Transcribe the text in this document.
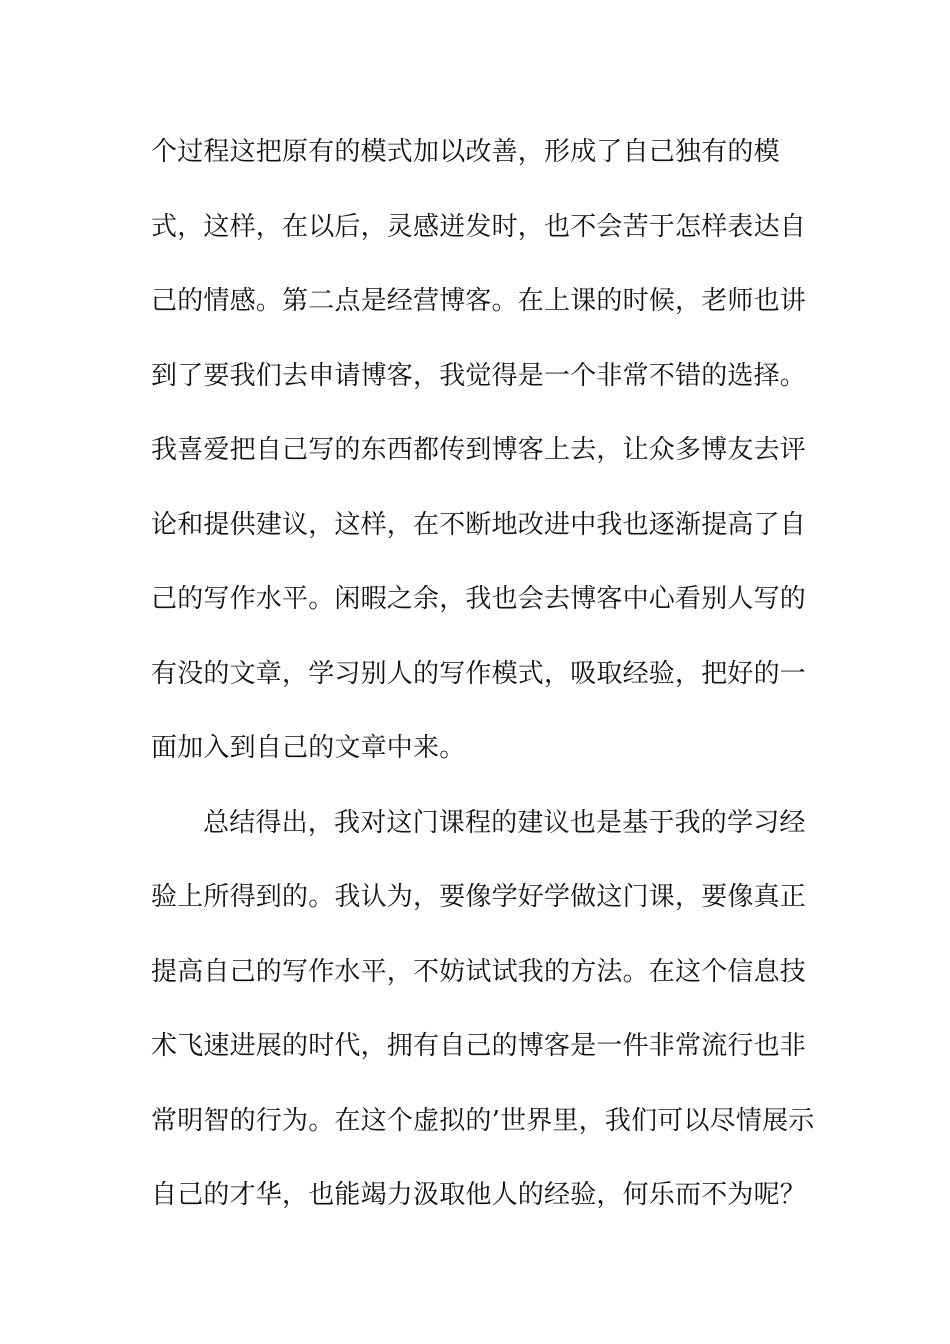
个过程这把原有的模式加以改善，形成了自己独有的模
式，这样，在以后，灵感迸发时，也不会苦于怎样表达自
己的情感。第二点是经营博客。在上课的时候，老师也讲
到了要我们去申请博客，我觉得是一个非常不错的选择。
我喜爱把自己写的东西都传到博客上去，让众多博友去评
论和提供建议，这样，在不断地改进中我也逐渐提高了自
己的写作水平。闲暇之余，我也会去博客中心看别人写的
有没的文章，学习别人的写作模式，吸取经验，把好的一
面加入到自己的文章中来。
总结得出，我对这门课程的建议也是基于我的学习经
验上所得到的。我认为，要像学好学做这门课，要像真正
提高自己的写作水平，不妨试试我的方法。在这个信息技
术飞速进展的时代，拥有自己的博客是一件非常流行也非
常明智的行为。在这个虚拟的’世界里，我们可以尽情展示
自己的才华，也能竭力汲取他人的经验，何乐而不为呢？
